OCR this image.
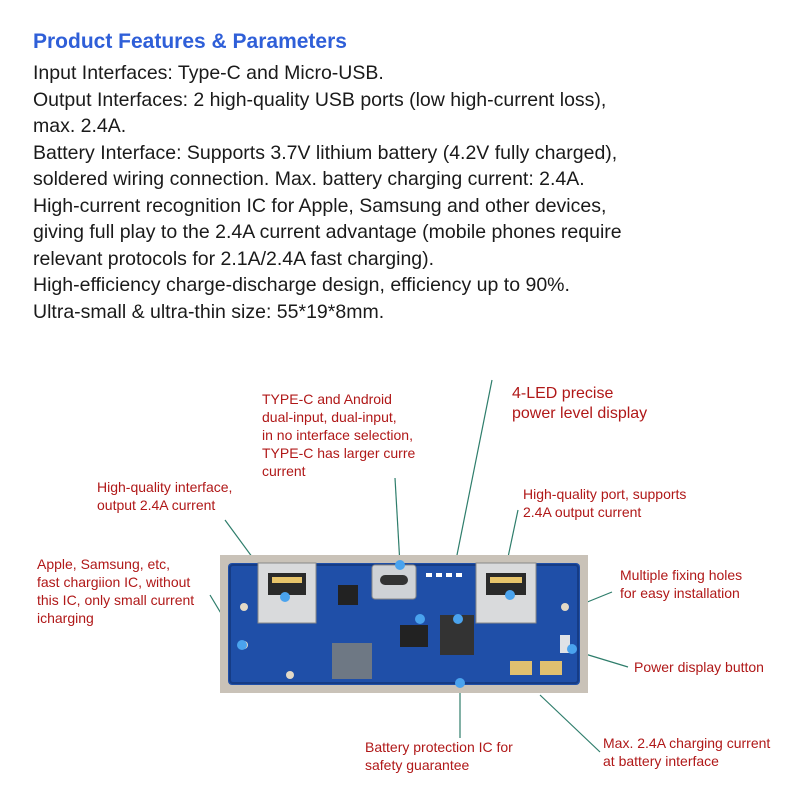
Product Features & Parameters
Input Interfaces: Type-C and Micro-USB.
Output Interfaces: 2 high-quality USB ports (low high-current loss),
max. 2.4A.
Battery Interface: Supports 3.7V lithium battery (4.2V fully charged),
soldered wiring connection. Max. battery charging current: 2.4A.
High-current recognition IC for Apple, Samsung and other devices,
giving full play to the 2.4A current advantage (mobile phones require
relevant protocols for 2.1A/2.4A fast charging).
High-efficiency charge-discharge design, efficiency up to 90%.
Ultra-small & ultra-thin size: 55*19*8mm.
TYPE-C and Android
dual-input, dual-input,
in no interface selection,
TYPE-C has larger curre
current
4-LED precise
power level display
High-quality interface,
output 2.4A current
High-quality port, supports
2.4A output current
Apple, Samsung, etc,
fast chargiion IC, without
this IC, only small current
icharging
Multiple fixing holes
for easy installation
Power display button
Battery protection IC for
safety guarantee
Max. 2.4A charging current
at battery interface
